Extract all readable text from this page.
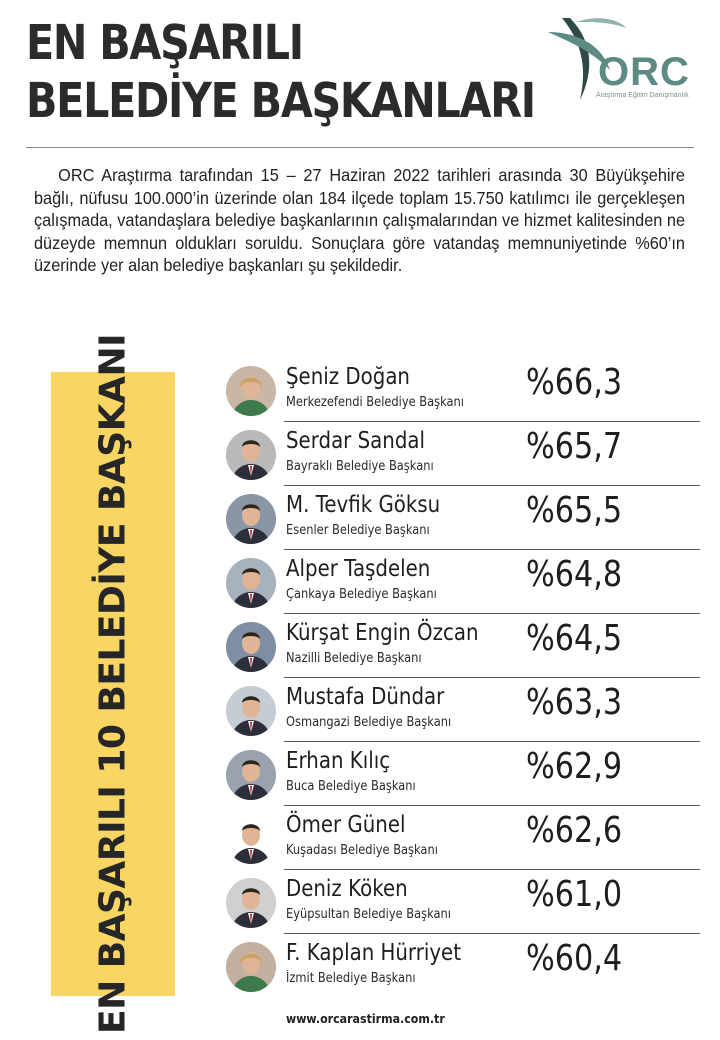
EN BAŞARILI
BELEDİYE BAŞKANLARI
ORC
Araştırma Eğitim Danışmanlık
ORC Araştırma tarafından 15 – 27 Haziran 2022 tarihleri arasında 30 Büyükşehire bağlı, nüfusu 100.000’in üzerinde olan 184 ilçede toplam 15.750 katılımcı ile gerçekleşen çalışmada, vatandaşlara belediye başkanlarının çalışmalarından ve hizmet kalitesinden ne düzeyde memnun oldukları soruldu. Sonuçlara göre vatandaş memnuniyetinde %60’ın üzerinde yer alan belediye başkanları şu şekildedir.
EN BAŞARILI 10 BELEDİYE BAŞKANI	Şeniz Doğan
Merkezefendi Belediye Başkanı %66,3
Serdar Sandal
Bayraklı Belediye Başkanı	%65,7
M. Tevfik Göksu
Esenler Belediye Başkanı	%65,5
Alper Taşdelen
Çankaya Belediye Başkanı %64,8
Kürşat Engin Özcan
Nazilli Belediye Başkanı	%64,5
Mustafa Dündar
Osmangazi Belediye Başkanı %63,3
Erhan Kılıç
Buca Belediye Başkanı	%62,9
Ömer Günel
Kuşadası Belediye Başkanı %62,6
Deniz Köken
Eyüpsultan Belediye Başkanı %61,0
F. Kaplan Hürriyet
İzmit Belediye Başkanı	%60,4
www.orcarastirma.com.tr
